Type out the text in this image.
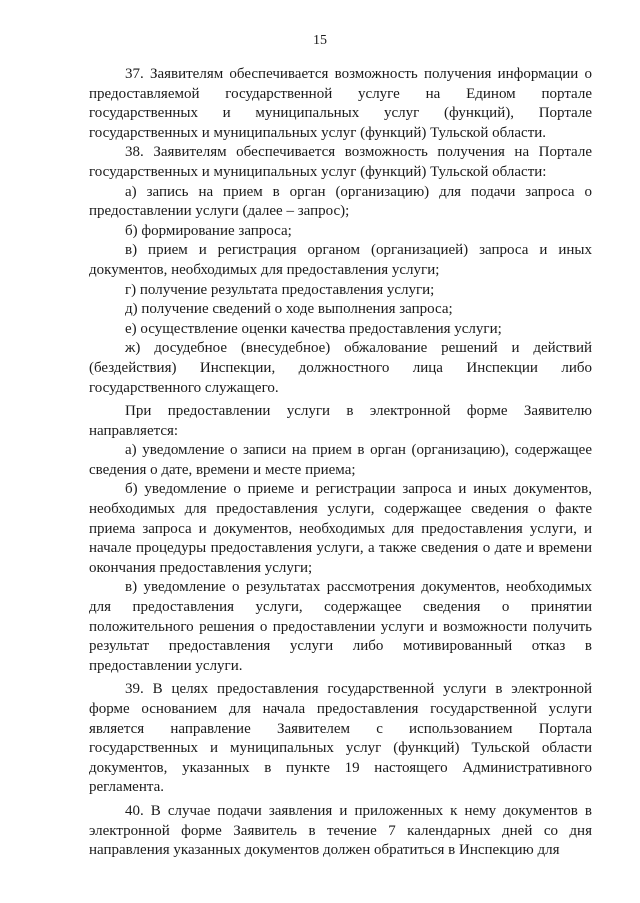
15

37. Заявителям обеспечивается возможность получения информации о предоставляемой государственной услуге на Едином портале государственных и муниципальных услуг (функций), Портале государственных и муниципальных услуг (функций) Тульской области.

38. Заявителям обеспечивается возможность получения на Портале государственных и муниципальных услуг (функций) Тульской области:

а) запись на прием в орган (организацию) для подачи запроса о предоставлении услуги (далее – запрос);

б) формирование запроса;

в) прием и регистрация органом (организацией) запроса и иных документов, необходимых для предоставления услуги;

г) получение результата предоставления услуги;

д) получение сведений о ходе выполнения запроса;

е) осуществление оценки качества предоставления услуги;

ж) досудебное (внесудебное) обжалование решений и действий (бездействия) Инспекции, должностного лица Инспекции либо государственного служащего.

При предоставлении услуги в электронной форме Заявителю направляется:

а) уведомление о записи на прием в орган (организацию), содержащее сведения о дате, времени и месте приема;

б) уведомление о приеме и регистрации запроса и иных документов, необходимых для предоставления услуги, содержащее сведения о факте приема запроса и документов, необходимых для предоставления услуги, и начале процедуры предоставления услуги, а также сведения о дате и времени окончания предоставления услуги;

в) уведомление о результатах рассмотрения документов, необходимых для предоставления услуги, содержащее сведения о принятии положительного решения о предоставлении услуги и возможности получить результат предоставления услуги либо мотивированный отказ в предоставлении услуги.

39. В целях предоставления государственной услуги в электронной форме основанием для начала предоставления государственной услуги является направление Заявителем с использованием Портала государственных и муниципальных услуг (функций) Тульской области документов, указанных в пункте 19 настоящего Административного регламента.

40. В случае подачи заявления и приложенных к нему документов в электронной форме Заявитель в течение 7 календарных дней со дня направления указанных документов должен обратиться в Инспекцию для
